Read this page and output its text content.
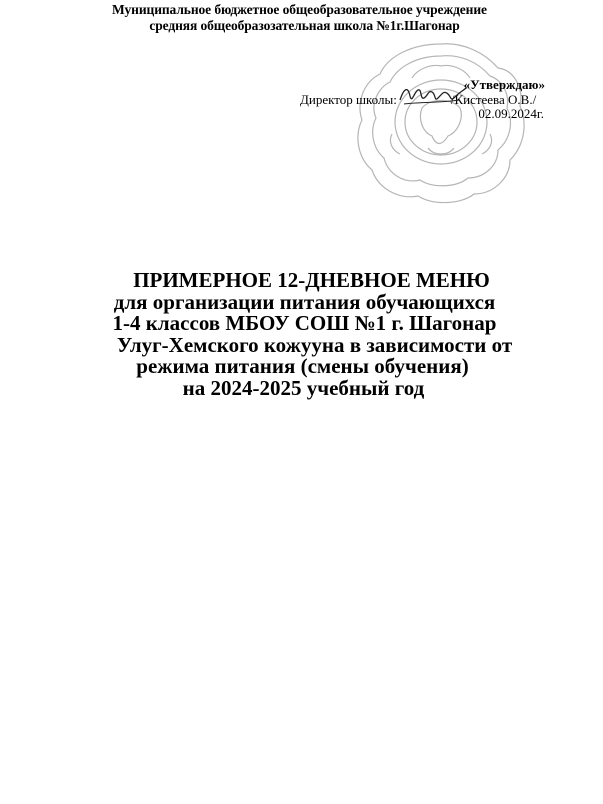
Муниципальное бюджетное общеобразовательное учреждение
средняя общеобразозательная школа №1г.Шагонар
«Утверждаю»
Директор школы:	/Кистеева О.В./
02.09.2024г.
ПРИМЕРНОЕ 12-ДНЕВНОЕ МЕНЮ
для организации питания обучающихся
1-4 классов МБОУ СОШ №1 г. Шагонар
Улуг-Хемского кожууна в зависимости от
режима питания (смены обучения)
на 2024-2025 учебный год
